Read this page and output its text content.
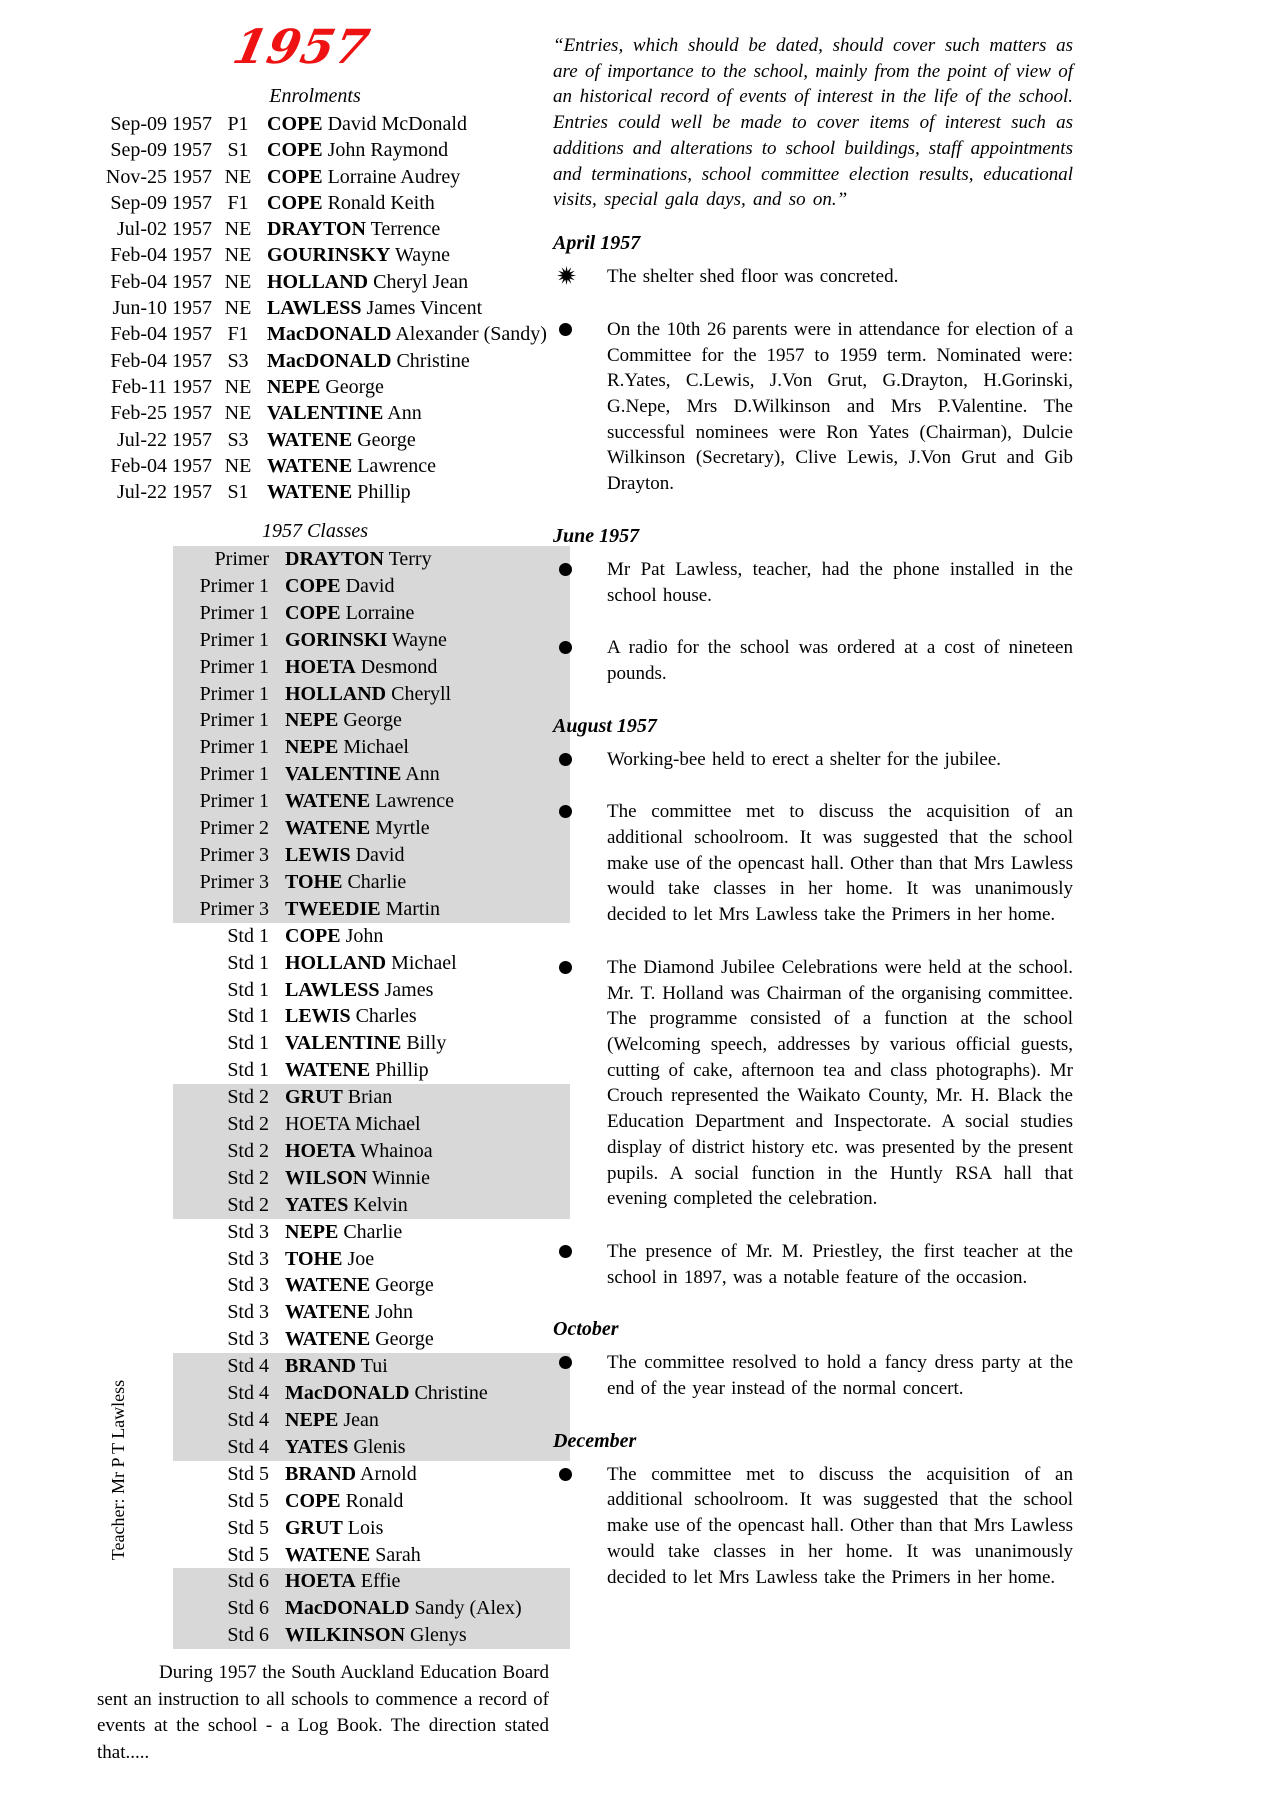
1957
Enrolments
Sep-09 1957 P1 COPE David McDonald
Sep-09 1957 S1 COPE John Raymond
Nov-25 1957 NE COPE Lorraine Audrey
Sep-09 1957 F1 COPE Ronald Keith
Jul-02 1957 NE DRAYTON Terrence
Feb-04 1957 NE GOURINSKY Wayne
Feb-04 1957 NE HOLLAND Cheryl Jean
Jun-10 1957 NE LAWLESS James Vincent
Feb-04 1957 F1 MacDONALD Alexander (Sandy)
Feb-04 1957 S3 MacDONALD Christine
Feb-11 1957 NE NEPE George
Feb-25 1957 NE VALENTINE Ann
Jul-22 1957 S3 WATENE George
Feb-04 1957 NE WATENE Lawrence
Jul-22 1957 S1 WATENE Phillip
1957 Classes
Primer DRAYTON Terry
Primer 1 COPE David
Primer 1 COPE Lorraine
Primer 1 GORINSKI Wayne
Primer 1 HOETA Desmond
Primer 1 HOLLAND Cheryll
Primer 1 NEPE George
Primer 1 NEPE Michael
Primer 1 VALENTINE Ann
Primer 1 WATENE Lawrence
Primer 2 WATENE Myrtle
Primer 3 LEWIS David
Primer 3 TOHE Charlie
Primer 3 TWEEDIE Martin
Std 1 COPE John
Std 1 HOLLAND Michael
Std 1 LAWLESS James
Std 1 LEWIS Charles
Std 1 VALENTINE Billy
Std 1 WATENE Phillip
Std 2 GRUT Brian
Std 2 HOETA Michael
Std 2 HOETA Whainoa
Std 2 WILSON Winnie
Std 2 YATES Kelvin
Std 3 NEPE Charlie
Std 3 TOHE Joe
Std 3 WATENE George
Std 3 WATENE John
Std 3 WATENE George
Std 4 BRAND Tui
Std 4 MacDONALD Christine
Std 4 NEPE Jean
Std 4 YATES Glenis
Std 5 BRAND Arnold
Std 5 COPE Ronald
Std 5 GRUT Lois
Std 5 WATENE Sarah
Std 6 HOETA Effie
Std 6 MacDONALD Sandy (Alex)
Std 6 WILKINSON Glenys

During 1957 the South Auckland Education Board sent an instruction to all schools to commence a record of events at the school - a Log Book. The direction stated that.....

Teacher: Mr P T Lawless

“Entries, which should be dated, should cover such matters as are of importance to the school, mainly from the point of view of an historical record of events of interest in the life of the school. Entries could well be made to cover items of interest such as additions and alterations to school buildings, staff appointments and terminations, school committee election results, educational visits, special gala days, and so on.”

April 1957

The shelter shed floor was concreted.

On the 10th 26 parents were in attendance for election of a Committee for the 1957 to 1959 term. Nominated were: R.Yates, C.Lewis, J.Von Grut, G.Drayton, H.Gorinski, G.Nepe, Mrs D.Wilkinson and Mrs P.Valentine. The successful nominees were Ron Yates (Chairman), Dulcie Wilkinson (Secretary), Clive Lewis, J.Von Grut and Gib Drayton.

June 1957

Mr Pat Lawless, teacher, had the phone installed in the school house.

A radio for the school was ordered at a cost of nineteen pounds.

August 1957

Working-bee held to erect a shelter for the jubilee.

The committee met to discuss the acquisition of an additional schoolroom. It was suggested that the school make use of the opencast hall. Other than that Mrs Lawless would take classes in her home. It was unanimously decided to let Mrs Lawless take the Primers in her home.

The Diamond Jubilee Celebrations were held at the school. Mr. T. Holland was Chairman of the organising committee. The programme consisted of a function at the school (Welcoming speech, addresses by various official guests, cutting of cake, afternoon tea and class photographs). Mr Crouch represented the Waikato County, Mr. H. Black the Education Department and Inspectorate. A social studies display of district history etc. was presented by the present pupils. A social function in the Huntly RSA hall that evening completed the celebration.

The presence of Mr. M. Priestley, the first teacher at the school in 1897, was a notable feature of the occasion.

October

The committee resolved to hold a fancy dress party at the end of the year instead of the normal concert.

December

The committee met to discuss the acquisition of an additional schoolroom. It was suggested that the school make use of the opencast hall. Other than that Mrs Lawless would take classes in her home. It was unanimously decided to let Mrs Lawless take the Primers in her home.
